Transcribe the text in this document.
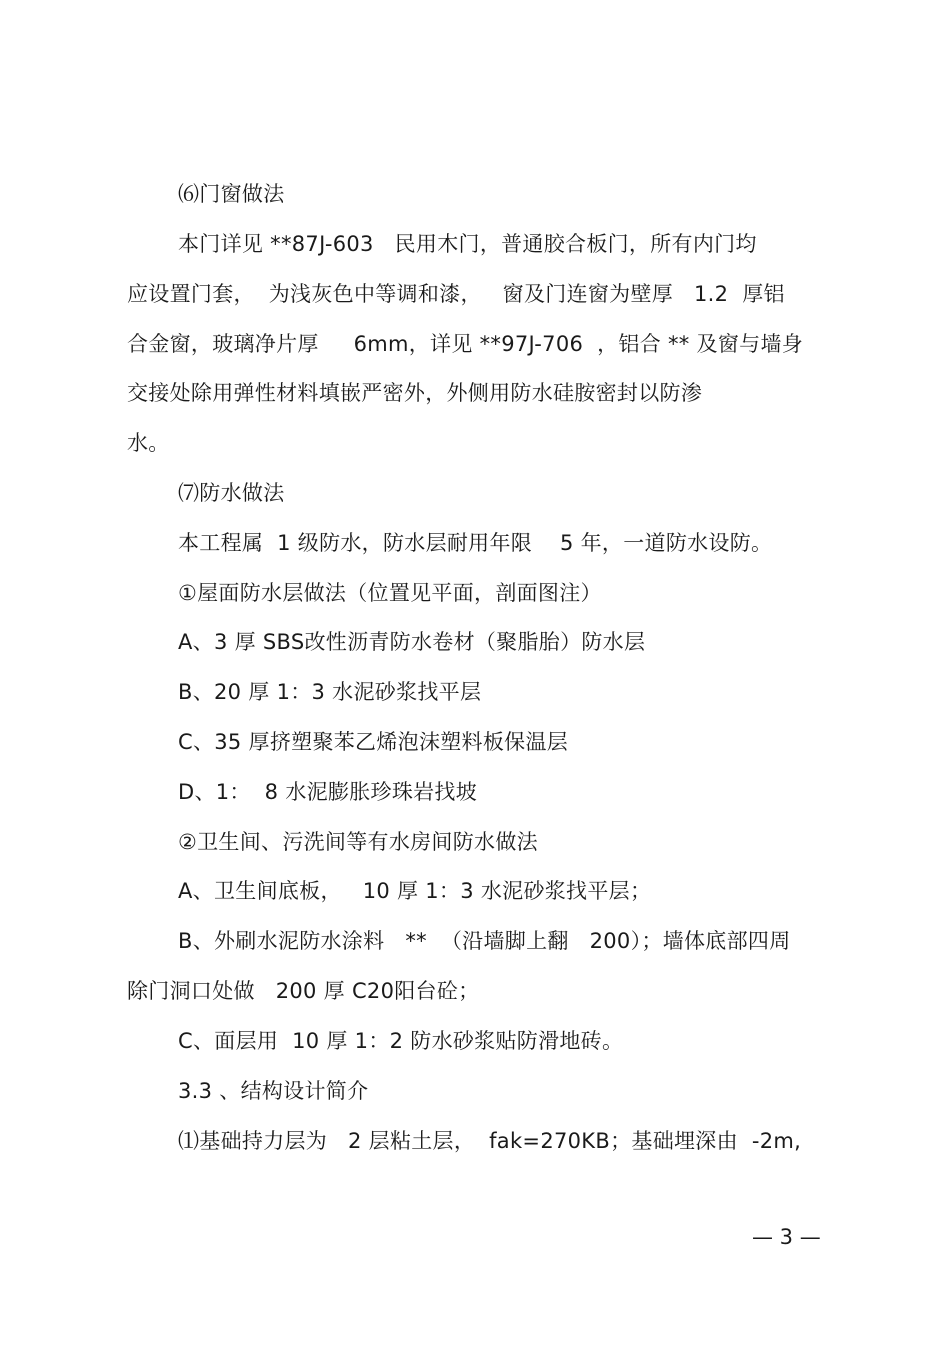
⑹门窗做法
本门详见 **87J-603   民用木门，普通胶合板门，所有内门均
应设置门套，  为浅灰色中等调和漆，   窗及门连窗为壁厚   1.2  厚铝
合金窗，玻璃净片厚     6mm，详见 **97J-706  ，铝合 ** 及窗与墙身
交接处除用弹性材料填嵌严密外，外侧用防水硅胺密封以防渗
水。
⑺防水做法
本工程属  1 级防水，防水层耐用年限    5 年，一道防水设防。
①屋面防水层做法（位置见平面，剖面图注）
A、3 厚 SBS改性沥青防水卷材（聚脂胎）防水层
B、20 厚 1：3 水泥砂浆找平层
C、35 厚挤塑聚苯乙烯泡沫塑料板保温层
D、1：  8 水泥膨胀珍珠岩找坡
②卫生间、污洗间等有水房间防水做法
A、卫生间底板，   10 厚 1：3 水泥砂浆找平层；
B、外刷水泥防水涂料   **  （沿墙脚上翻   200）；墙体底部四周
除门洞口处做   200 厚 C20阳台砼；
C、面层用  10 厚 1：2 防水砂浆贴防滑地砖。
3.3 、结构设计简介
⑴基础持力层为   2 层粘土层，  fak=270KB；基础埋深由  -2m,
— 3 —
